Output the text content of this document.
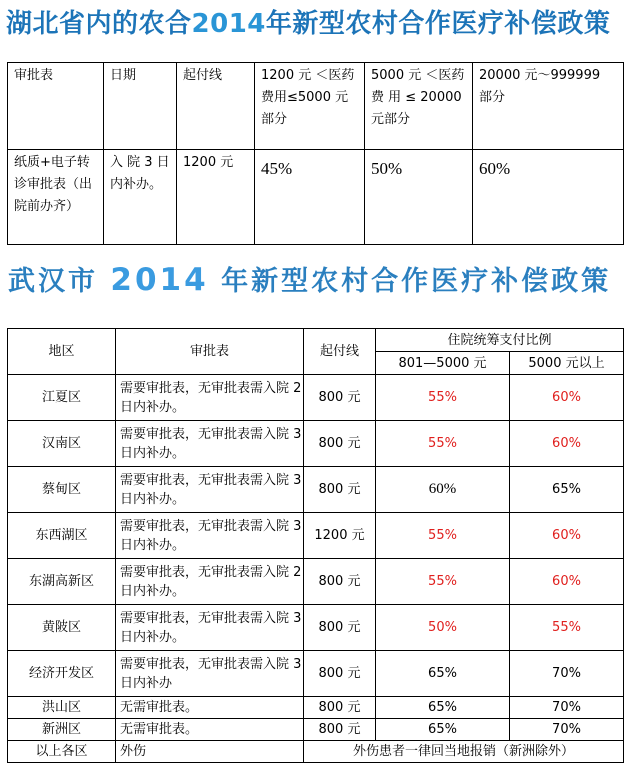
湖北省内的农合2014年新型农村合作医疗补偿政策
审批表	日期	起付线	1200 元 ＜医药费用≤5000 元部分	5000 元 ＜医药 费 用 ≤ 20000 元部分	20000 元～999999 部分
纸质+电子转诊审批表（出院前办齐）	入 院 3 日内补办。	1200 元	45%	50%	60%
武汉市 2014 年新型农村合作医疗补偿政策
地区	审批表	起付线	住院统筹支付比例	
			801—5000 元	5000 元以上
江夏区	需要审批表，无审批表需入院 2 日内补办。	800 元	55%	60%
汉南区	需要审批表，无审批表需入院 3 日内补办。	800 元	55%	60%
蔡甸区	需要审批表，无审批表需入院 3 日内补办。	800 元	60%	65%
东西湖区	需要审批表，无审批表需入院 3 日内补办。	1200 元	55%	60%
东湖高新区	需要审批表，无审批表需入院 2 日内补办。	800 元	55%	60%
黄陂区	需要审批表，无审批表需入院 3 日内补办。	800 元	50%	55%
经济开发区	需要审批表，无审批表需入院 3 日内补办	800 元	65%	70%
洪山区	无需审批表。	800 元	65%	70%
新洲区	无需审批表。	800 元	65%	70%
以上各区	外伤	外伤患者一律回当地报销（新洲除外）		
